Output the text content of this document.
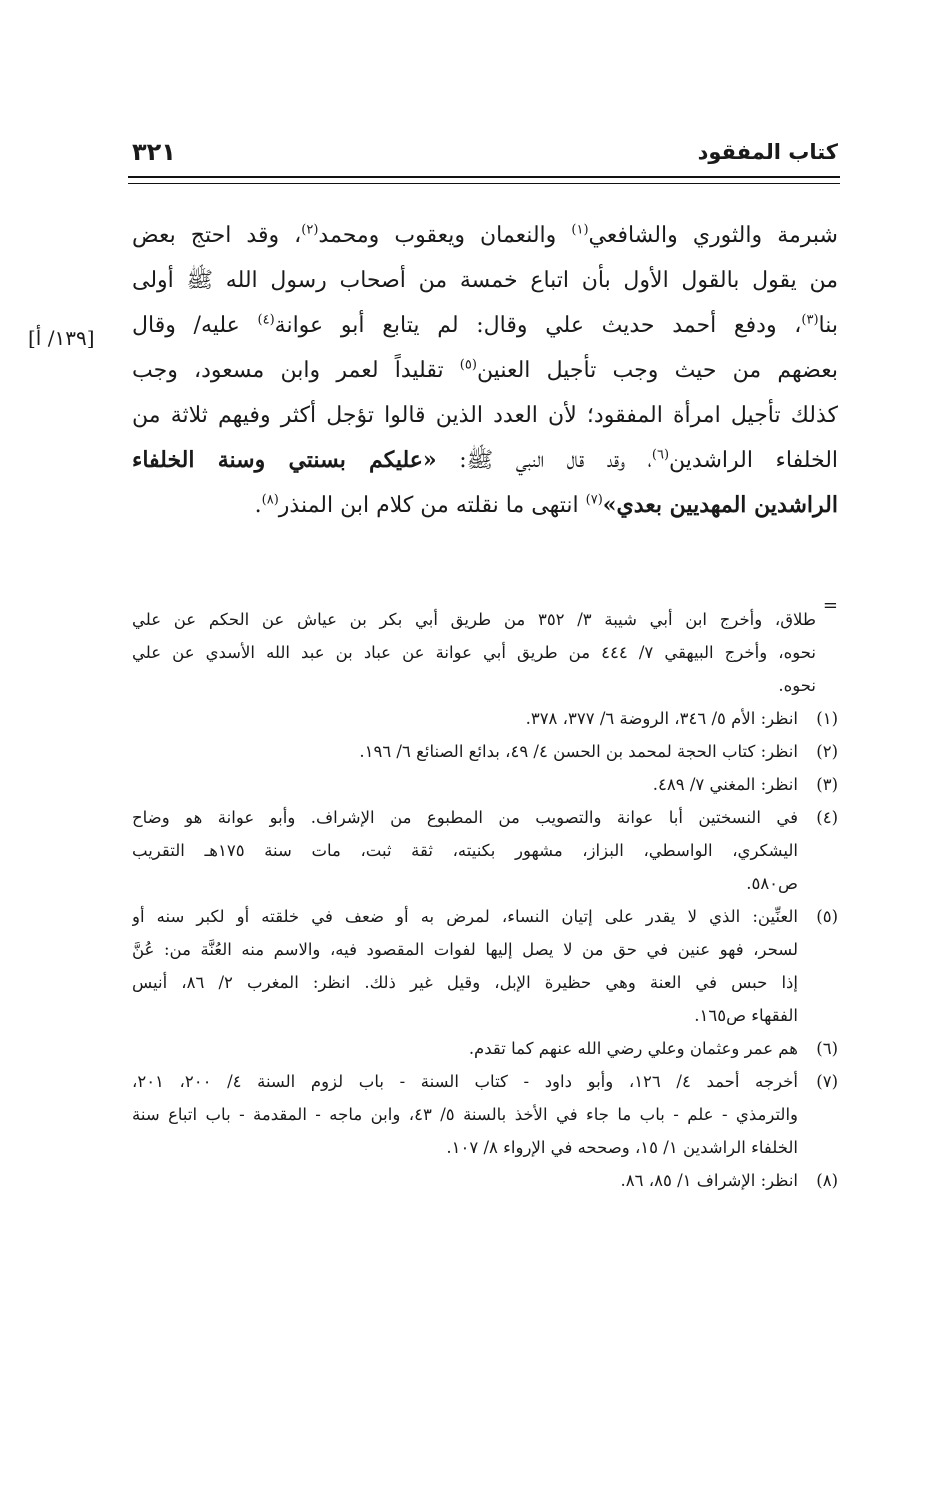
كتاب المفقود
٣٢١
[١٣٩/ أ]
شبرمة والثوري والشافعي$^{(١)}$ والنعمان ويعقوب ومحمد$^{(٢)}$، وقد احتج بعض
من يقول بالقول الأول بأن اتباع خمسة من أصحاب رسول الله ﷺ أولى
بنا$^{(٣)}$، ودفع أحمد حديث علي وقال: لم يتابع أبو عوانة$^{(٤)}$ عليه/ وقال
بعضهم من حيث وجب تأجيل العنين$^{(٥)}$ تقليداً لعمر وابن مسعود، وجب
كذلك تأجيل امرأة المفقود؛ لأن العدد الذين قالوا تؤجل أكثر وفيهم ثلاثة من
الخلفاء الراشدين$^{(٦)}$، وقد قال النبي ﷺ: «عليكم بسنتي وسنة الخلفاء
الراشدين المهديين بعدي»$^{(٧)}$ انتهى ما نقلته من كلام ابن المنذر$^{(٨)}$.
=
طلاق، وأخرج ابن أبي شيبة ٣/ ٣٥٢ من طريق أبي بكر بن عياش عن الحكم عن علي
نحوه، وأخرج البيهقي ٧/ ٤٤٤ من طريق أبي عوانة عن عباد بن عبد الله الأسدي عن علي
نحوه.
(١)
انظر: الأم ٥/ ٣٤٦، الروضة ٦/ ٣٧٧، ٣٧٨.
(٢)
انظر: كتاب الحجة لمحمد بن الحسن ٤/ ٤٩، بدائع الصنائع ٦/ ١٩٦.
(٣)
انظر: المغني ٧/ ٤٨٩.
(٤)
في النسختين أبا عوانة والتصويب من المطبوع من الإشراف. وأبو عوانة هو وضاح
اليشكري، الواسطي، البزاز، مشهور بكنيته، ثقة ثبت، مات سنة ١٧٥هـ التقريب
ص٥٨٠.
(٥)
العنِّين: الذي لا يقدر على إتيان النساء، لمرض به أو ضعف في خلقته أو لكبر سنه أو
لسحر، فهو عنين في حق من لا يصل إليها لفوات المقصود فيه، والاسم منه العُنَّة من: عُنَّ
إذا حبس في العنة وهي حظيرة الإبل، وقيل غير ذلك. انظر: المغرب ٢/ ٨٦، أنيس
الفقهاء ص١٦٥.
(٦)
هم عمر وعثمان وعلي رضي الله عنهم كما تقدم.
(٧)
أخرجه أحمد ٤/ ١٢٦، وأبو داود - كتاب السنة - باب لزوم السنة ٤/ ٢٠٠، ٢٠١،
والترمذي - علم - باب ما جاء في الأخذ بالسنة ٥/ ٤٣، وابن ماجه - المقدمة - باب اتباع سنة
الخلفاء الراشدين ١/ ١٥، وصححه في الإرواء ٨/ ١٠٧.
(٨)
انظر: الإشراف ١/ ٨٥، ٨٦.
